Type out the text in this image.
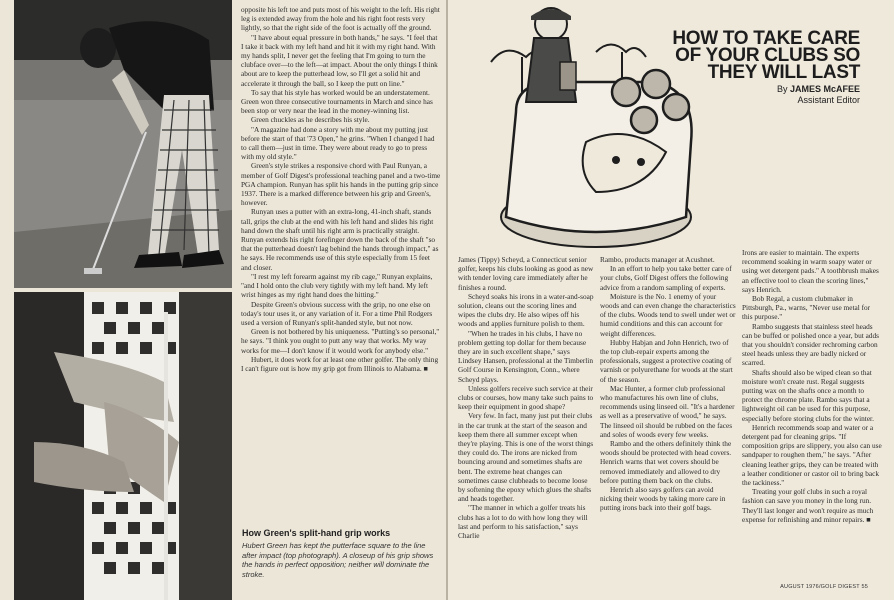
opposite his left toe and puts most of his weight to the left. His right leg is extended away from the hole and his right foot rests very lightly, so that the right side of the foot is actually off the ground.

"I have about equal pressure in both hands," he says. "I feel that I take it back with my left hand and hit it with my right hand. With my hands split, I never get the feeling that I'm going to turn the clubface over—to the left—at impact. About the only things I think about are to keep the putterhead low, so I'll get a solid hit and accelerate it through the ball, so I keep the putt on line."

To say that his style has worked would be an understatement. Green won three consecutive tournaments in March and since has been stop or very near the lead in the money-winning list.

Green chuckles as he describes his style.

"A magazine had done a story with me about my putting just before the start of that '73 Open," he grins. "When I changed I had to call them—just in time. They were about ready to go to press with my old style."

Green's style strikes a responsive chord with Paul Runyan, a member of Golf Digest's professional teaching panel and a two-time PGA champion. Runyan has split his hands in the putting grip since 1937. There is a marked difference between his grip and Green's, however.

Runyan uses a putter with an extra-long, 41-inch shaft, stands tall, grips the club at the end with his left hand and slides his right hand down the shaft until his right arm is practically straight. Runyan extends his right forefinger down the back of the shaft "so that the putterhead doesn't lag behind the hands through impact," as he says. He recommends use of this style especially from 15 feet and closer.

"I rest my left forearm against my rib cage," Runyan explains, "and I hold onto the club very tightly with my left hand. My left wrist hinges as my right hand does the hitting."

Despite Green's obvious success with the grip, no one else on today's tour uses it, or any variation of it. For a time Phil Rodgers used a version of Runyan's split-handed style, but not now.

Green is not bothered by his uniqueness. "Putting's so personal," he says. "I think you ought to putt any way that works. My way works for me—I don't know if it would work for anybody else."

Hubert, it does work for at least one other golfer. The only thing I can't figure out is how my grip got from Illinois to Alabama. ■

How Green's split-hand grip works
Hubert Green has kept the putterface square to the line after impact (top photograph). A closeup of his grip shows the hands in perfect opposition; neither will dominate the stroke.
HOW TO TAKE CARE OF YOUR CLUBS SO THEY WILL LAST
By JAMES McAFEE
Assistant Editor

James (Tippy) Scheyd, a Connecticut senior golfer, keeps his clubs looking as good as new with tender loving care immediately after he finishes a round.

Scheyd soaks his irons in a water-and-soap solution, cleans out the scoring lines and wipes the clubs dry. He also wipes off his woods and applies furniture polish to them.

"When he trades in his clubs, I have no problem getting top dollar for them because they are in such excellent shape," says Lindsey Hansen, professional at the Timberlin Golf Course in Kensington, Conn., where Scheyd plays.

Unless golfers receive such service at their clubs or courses, how many take such pains to keep their equipment in good shape?

Very few. In fact, many just put their clubs in the car trunk at the start of the season and keep them there all summer except when they're playing. This is one of the worst things they could do. The irons are nicked from bouncing around and sometimes shafts are bent. The extreme heat changes can sometimes cause clubheads to become loose by softening the epoxy which glues the shafts and heads together.

"The manner in which a golfer treats his clubs has a lot to do with how long they will last and perform to his satisfaction," says Charlie

Rambo, products manager at Acushnet.

In an effort to help you take better care of your clubs, Golf Digest offers the following advice from a random sampling of experts.

Moisture is the No. 1 enemy of your woods and can even change the characteristics of the clubs. Woods tend to swell under wet or humid conditions and this can account for weight differences.

Hubby Habjan and John Henrich, two of the top club-repair experts among the professionals, suggest a protective coating of varnish or polyurethane for woods at the start of the season.

Mac Hunter, a former club professional who manufactures his own line of clubs, recommends using linseed oil. "It's a hardener as well as a preservative of wood," he says. The linseed oil should be rubbed on the faces and soles of woods every few weeks.

Rambo and the others definitely think the woods should be protected with head covers. Henrich warns that wet covers should be removed immediately and allowed to dry before putting them back on the clubs.

Henrich also says golfers can avoid nicking their woods by taking more care in putting irons back into their golf bags.

Irons are easier to maintain. The experts recommend soaking in warm soapy water or using wet detergent pads." A toothbrush makes an effective tool to clean the scoring lines," says Henrich.

Bob Regal, a custom clubmaker in Pittsburgh, Pa., warns, "Never use metal for this purpose."

Rambo suggests that stainless steel heads can be buffed or polished once a year, but adds that you shouldn't consider rechroming carbon steel heads unless they are badly nicked or scarred.

Shafts should also be wiped clean so that moisture won't create rust. Regal suggests putting wax on the shafts once a month to protect the chrome plate. Rambo says that a lightweight oil can be used for this purpose, especially before storing clubs for the winter.

Henrich recommends soap and water or a detergent pad for cleaning grips. "If composition grips are slippery, you also can use sandpaper to roughen them," he says. "After cleaning leather grips, they can be treated with a leather conditioner or castor oil to bring back the tackiness."

Treating your golf clubs in such a royal fashion can save you money in the long run. They'll last longer and won't require as much expense for refinishing and minor repairs. ■

AUGUST 1976/GOLF DIGEST 55
